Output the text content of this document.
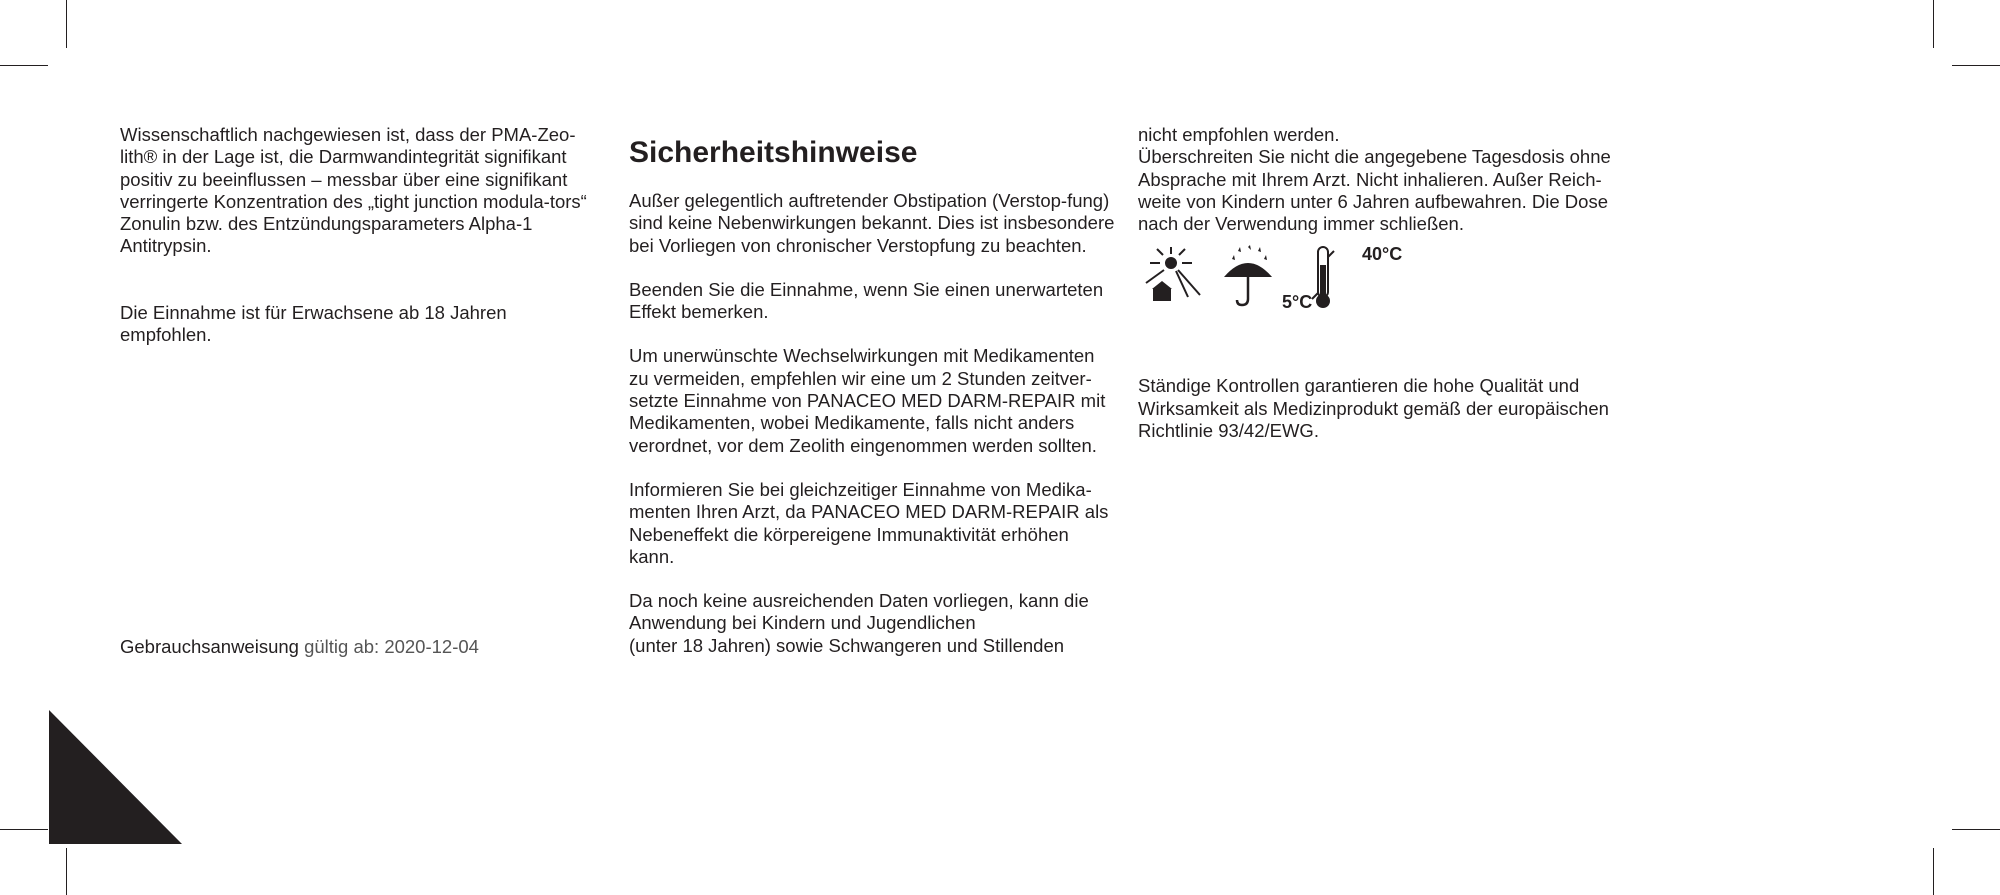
Wissenschaftlich nachgewiesen ist, dass der PMA-Zeo-lith® in der Lage ist, die Darmwandintegrität signifikant positiv zu beeinflussen – messbar über eine signifikant verringerte Konzentration des „tight junction modula-tors“ Zonulin bzw. des Entzündungsparameters Alpha-1 Antitrypsin.

Die Einnahme ist für Erwachsene ab 18 Jahren empfohlen.

Gebrauchsanweisung gültig ab: 2020-12-04

Sicherheitshinweise

Außer gelegentlich auftretender Obstipation (Verstop-fung) sind keine Nebenwirkungen bekannt. Dies ist insbesondere bei Vorliegen von chronischer Verstopfung zu beachten.

Beenden Sie die Einnahme, wenn Sie einen unerwarteten Effekt bemerken.

Um unerwünschte Wechselwirkungen mit Medikamenten zu vermeiden, empfehlen wir eine um 2 Stunden zeitver-setzte Einnahme von PANACEO MED DARM-REPAIR mit Medikamenten, wobei Medikamente, falls nicht anders verordnet, vor dem Zeolith eingenommen werden sollten.

Informieren Sie bei gleichzeitiger Einnahme von Medika-menten Ihren Arzt, da PANACEO MED DARM-REPAIR als Nebeneffekt die körpereigene Immunaktivität erhöhen kann.

Da noch keine ausreichenden Daten vorliegen, kann die Anwendung bei Kindern und Jugendlichen
(unter 18 Jahren) sowie Schwangeren und Stillenden

nicht empfohlen werden.

Überschreiten Sie nicht die angegebene Tagesdosis ohne Absprache mit Ihrem Arzt. Nicht inhalieren. Außer Reich-weite von Kindern unter 6 Jahren aufbewahren. Die Dose nach der Verwendung immer schließen.

40°C
5°C

Ständige Kontrollen garantieren die hohe Qualität und Wirksamkeit als Medizinprodukt gemäß der europäischen Richtlinie 93/42/EWG.
